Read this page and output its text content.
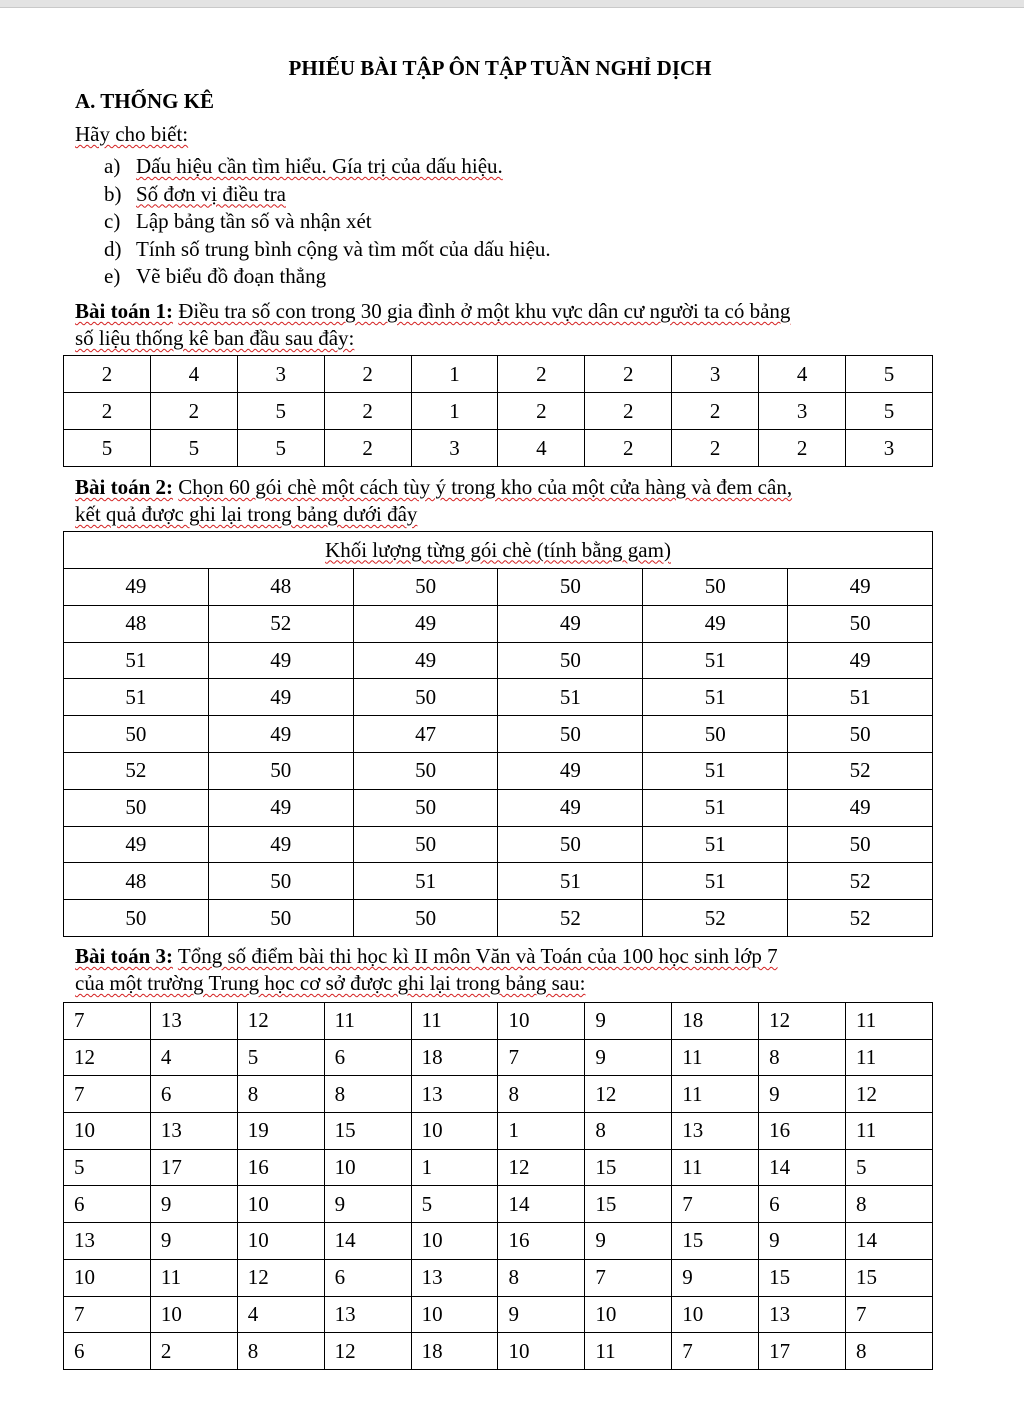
PHIẾU BÀI TẬP ÔN TẬP TUẦN NGHỈ DỊCH
A. THỐNG KÊ
Hãy cho biết:
a) Dấu hiệu cần tìm hiểu. Gía trị của dấu hiệu.
b) Số đơn vị điều tra
c) Lập bảng tần số và nhận xét
d) Tính số trung bình cộng và tìm mốt của dấu hiệu.
e) Vẽ biểu đồ đoạn thẳng
Bài toán 1: Điều tra số con trong 30 gia đình ở một khu vực dân cư người ta có bảng
số liệu thống kê ban đầu sau đây:
2	4	3	2	1	2	2	3	4	5
2	2	5	2	1	2	2	2	3	5
5	5	5	2	3	4	2	2	2	3
Bài toán 2: Chọn 60 gói chè một cách tùy ý trong kho của một cửa hàng và đem cân,
kết quả được ghi lại trong bảng dưới đây
Khối lượng từng gói chè (tính bằng gam)					
49	48	50	50	50	49
48	52	49	49	49	50
51	49	49	50	51	49
51	49	50	51	51	51
50	49	47	50	50	50
52	50	50	49	51	52
50	49	50	49	51	49
49	49	50	50	51	50
48	50	51	51	51	52
50	50	50	52	52	52
Bài toán 3: Tổng số điểm bài thi học kì II môn Văn và Toán của 100 học sinh lớp 7
của một trường Trung học cơ sở được ghi lại trong bảng sau:
7	13	12	11	11	10	9	18	12	11
12	4	5	6	18	7	9	11	8	11
7	6	8	8	13	8	12	11	9	12
10	13	19	15	10	1	8	13	16	11
5	17	16	10	1	12	15	11	14	5
6	9	10	9	5	14	15	7	6	8
13	9	10	14	10	16	9	15	9	14
10	11	12	6	13	8	7	9	15	15
7	10	4	13	10	9	10	10	13	7
6	2	8	12	18	10	11	7	17	8
